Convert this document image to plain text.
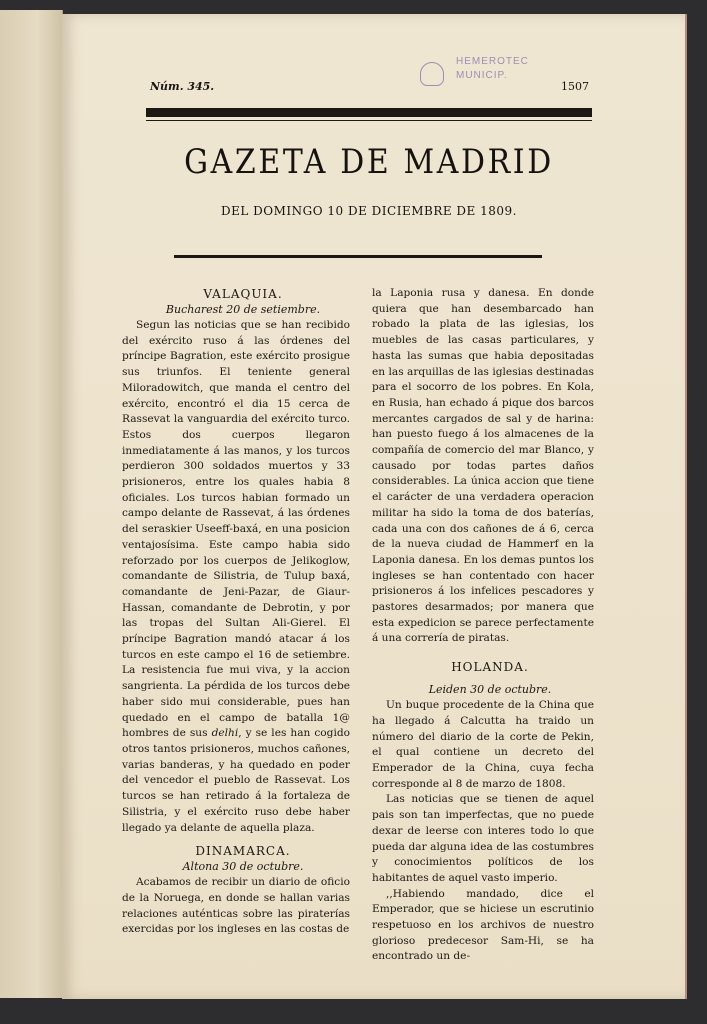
HEMEROTEC
MUNICIP.
Núm. 345.	1507
GAZETA DE MADRID
DEL DOMINGO 10 DE DICIEMBRE DE 1809.

VALAQUIA.

Bucharest 20 de setiembre.

Segun las noticias que se han recibido del exército ruso á las órdenes del príncipe Bagration, este exército prosigue sus triunfos. El teniente general Miloradowitch, que manda el centro del exército, encontró el dia 15 cerca de Rassevat la vanguardia del exército turco. Estos dos cuerpos llegaron inmediatamente á las manos, y los turcos perdieron 300 soldados muertos y 33 prisioneros, entre los quales habia 8 oficiales. Los turcos habian formado un campo delante de Rassevat, á las órdenes del seraskier Useeff-baxá, en una posicion ventajosísima. Este campo habia sido reforzado por los cuerpos de Jelikoglow, comandante de Silistria, de Tulup baxá, comandante de Jeni-Pazar, de Giaur-Hassan, comandante de Debrotin, y por las tropas del Sultan Ali-Gierel. El príncipe Bagration mandó atacar á los turcos en este campo el 16 de setiembre. La resistencia fue mui viva, y la accion sangrienta. La pérdida de los turcos debe haber sido mui considerable, pues han quedado en el campo de batalla 1@ hombres de sus delhi, y se les han cogido otros tantos prisioneros, muchos cañones, varias banderas, y ha quedado en poder del vencedor el pueblo de Rassevat. Los turcos se han retirado á la fortaleza de Silistria, y el exército ruso debe haber llegado ya delante de aquella plaza.

DINAMARCA.

Altona 30 de octubre.

Acabamos de recibir un diario de oficio de la Noruega, en donde se hallan varias relaciones auténticas sobre las piraterías exercidas por los ingleses en las costas de

la Laponia rusa y danesa. En donde quiera que han desembarcado han robado la plata de las iglesias, los muebles de las casas particulares, y hasta las sumas que habia depositadas en las arquillas de las iglesias destinadas para el socorro de los pobres. En Kola, en Rusia, han echado á pique dos barcos mercantes cargados de sal y de harina: han puesto fuego á los almacenes de la compañía de comercio del mar Blanco, y causado por todas partes daños considerables. La única accion que tiene el carácter de una verdadera operacion militar ha sido la toma de dos baterías, cada una con dos cañones de á 6, cerca de la nueva ciudad de Hammerf en la Laponia danesa. En los demas puntos los ingleses se han contentado con hacer prisioneros á los infelices pescadores y pastores desarmados; por manera que esta expedicion se parece perfectamente á una correría de piratas.

HOLANDA.

Leiden 30 de octubre.

Un buque procedente de la China que ha llegado á Calcutta ha traido un número del diario de la corte de Pekin, el qual contiene un decreto del Emperador de la China, cuya fecha corresponde al 8 de marzo de 1808.

Las noticias que se tienen de aquel pais son tan imperfectas, que no puede dexar de leerse con interes todo lo que pueda dar alguna idea de las costumbres y conocimientos políticos de los habitantes de aquel vasto imperio.

,,Habiendo mandado, dice el Emperador, que se hiciese un escrutinio respetuoso en los archivos de nuestro glorioso predecesor Sam-Hi, se ha encontrado un de-
